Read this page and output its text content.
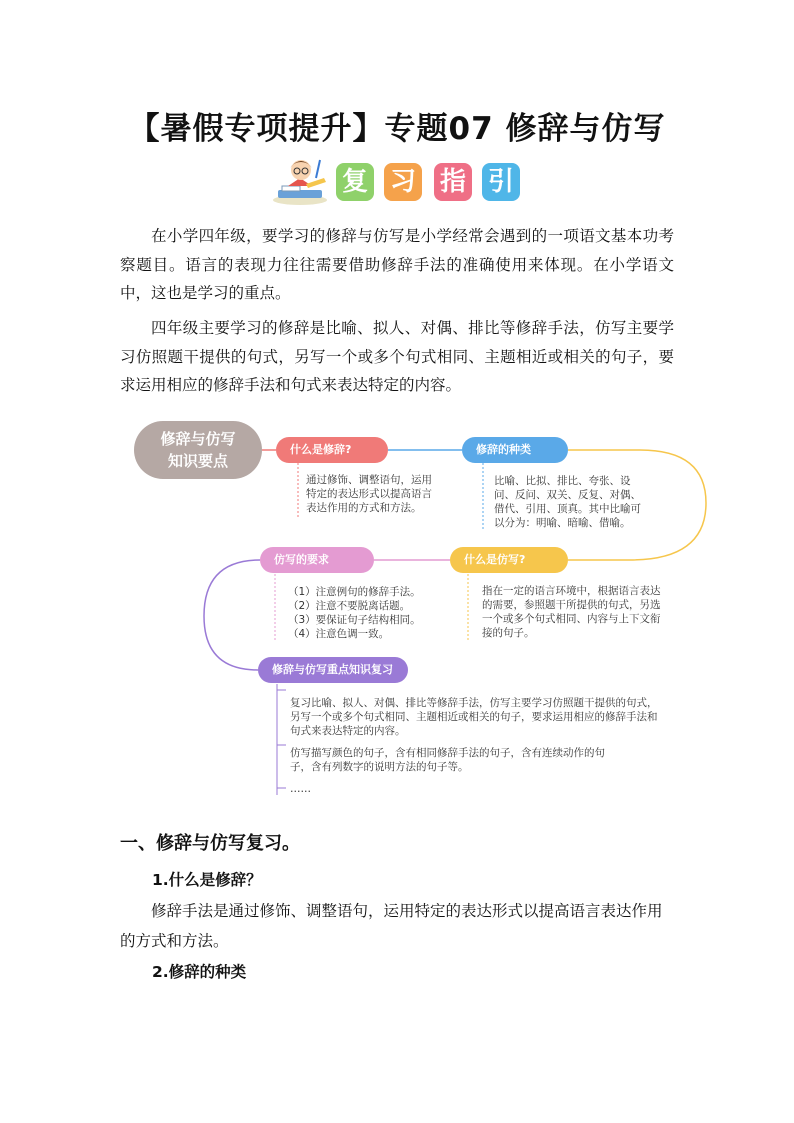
【暑假专项提升】专题07 修辞与仿写
复 习 指 引

在小学四年级，要学习的修辞与仿写是小学经常会遇到的一项语文基本功考察题目。语言的表现力往往需要借助修辞手法的准确使用来体现。在小学语文中，这也是学习的重点。

四年级主要学习的修辞是比喻、拟人、对偶、排比等修辞手法，仿写主要学习仿照题干提供的句式，另写一个或多个句式相同、主题相近或相关的句子，要求运用相应的修辞手法和句式来表达特定的内容。

修辞与仿写
知识要点
什么是修辞?
通过修饰、调整语句，运用
特定的表达形式以提高语言
表达作用的方式和方法。
修辞的种类
比喻、比拟、排比、夸张、设
问、反问、双关、反复、对偶、
借代、引用、顶真。其中比喻可
以分为：明喻、暗喻、借喻。
什么是仿写?
指在一定的语言环境中，根据语言表达
的需要，参照题干所提供的句式，另选
一个或多个句式相同、内容与上下文衔
接的句子。
仿写的要求
（1）注意例句的修辞手法。
（2）注意不要脱离话题。
（3）要保证句子结构相同。
（4）注意色调一致。
修辞与仿写重点知识复习
复习比喻、拟人、对偶、排比等修辞手法，仿写主要学习仿照题干提供的句式，
另写一个或多个句式相同、主题相近或相关的句子，要求运用相应的修辞手法和
句式来表达特定的内容。
仿写描写颜色的句子，含有相同修辞手法的句子，含有连续动作的句
子，含有列数字的说明方法的句子等。
……
一、修辞与仿写复习。
1.什么是修辞？

修辞手法是通过修饰、调整语句，运用特定的表达形式以提高语言表达作用的方式和方法。

2.修辞的种类
